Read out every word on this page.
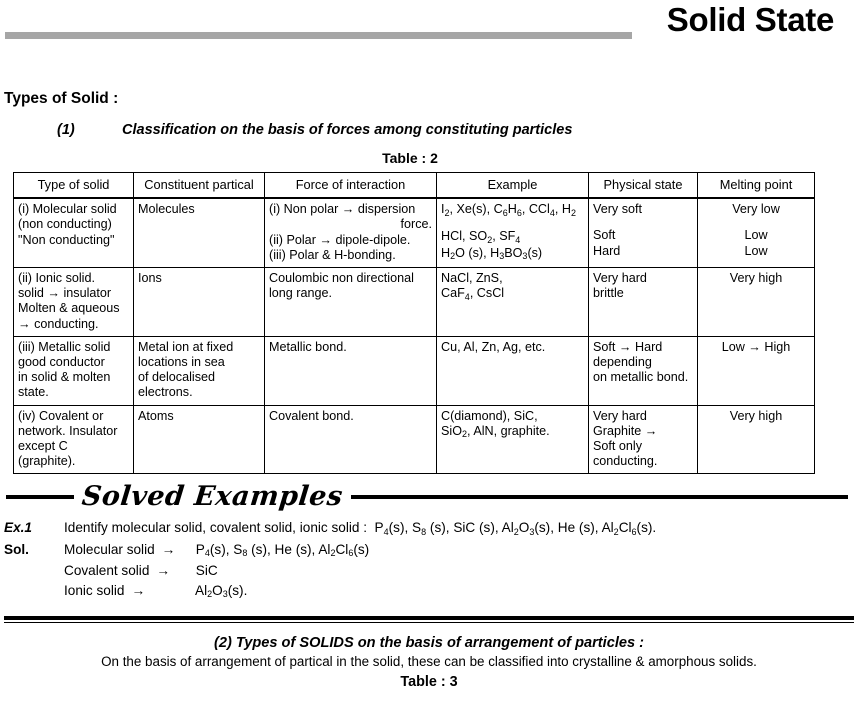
Solid State
Types of Solid :
(1)	Classification on the basis of forces among constituting particles
Table : 2
Type of solid	Constituent partical	Force of interaction	Example	Physical state	Melting point
(i) Molecular solid
(non conducting)
"Non conducting"	Molecules	(i) Non polar → dispersion
force.
(ii) Polar → dipole-dipole.
(iii) Polar & H-bonding.	$I_2$, Xe(s), $C_6H_6$, CCl$_4$, $H_2$
HCl, $SO_2$, $SF_4$
$H_2O$ (s), $H_3BO_3(s)$	Very soft
Soft
Hard	Very low
Low
Low
(ii) Ionic solid.
solid → insulator
Molten & aqueous
→ conducting.	Ions	Coulombic non directional
long range.	NaCl, ZnS,
CaF$_4$, CsCl	Very hard
brittle	Very high
(iii) Metallic solid
good conductor
in solid & molten
state.	Metal ion at fixed
locations in sea
of delocalised
electrons.	Metallic bond.	Cu, Al, Zn, Ag, etc.	Soft → Hard
depending
on metallic bond.	Low → High
(iv) Covalent or
network. Insulator
except C
(graphite).	Atoms	Covalent bond.	C(diamond), SiC,
SiO$_2$, AlN, graphite.	Very hard
Graphite →
Soft only
conducting.	Very high
Solved Examples
Ex.1	Identify molecular solid, covalent solid, ionic solid :  $P_4(s)$, $S_8$ (s), SiC (s), $Al_2O_3(s)$, He (s), $Al_2Cl_6(s)$.
Sol.	Molecular solid → $P_4(s)$, $S_8$ (s), He (s), $Al_2Cl_6(s)$
Covalent solid → SiC
Ionic solid →	$Al_2O_3(s)$.
(2) Types of SOLIDS on the basis of arrangement of particles :
On the basis of arrangement of partical in the solid, these can be classified into crystalline & amorphous solids.
Table : 3
